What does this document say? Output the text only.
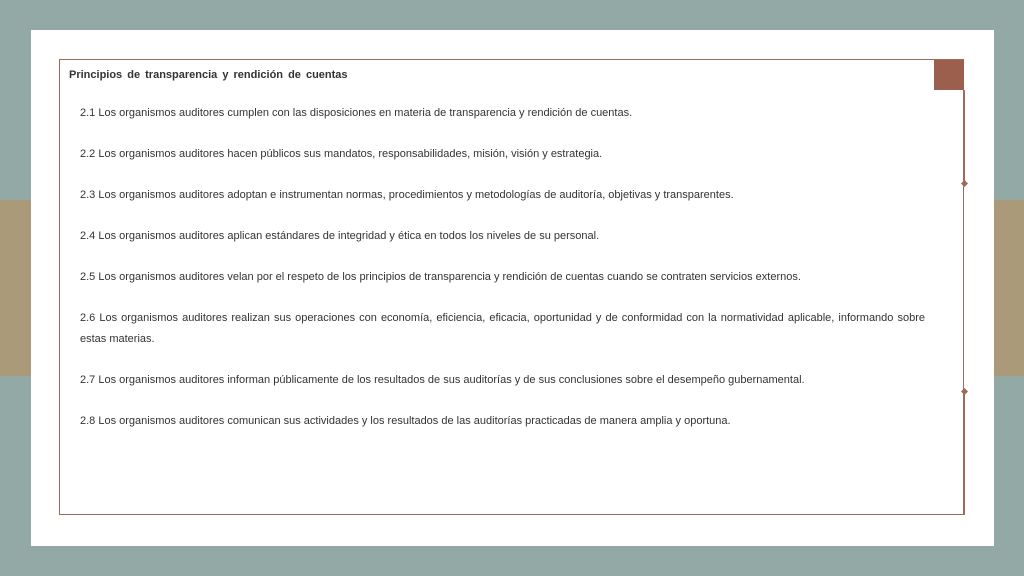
Principios de transparencia y rendición de cuentas

2.1 Los organismos auditores cumplen con las disposiciones en materia de transparencia y rendición de cuentas.

2.2 Los organismos auditores hacen públicos sus mandatos, responsabilidades, misión, visión y estrategia.

2.3 Los organismos auditores adoptan e instrumentan normas, procedimientos y metodologías de auditoría, objetivas y transparentes.

2.4 Los organismos auditores aplican estándares de integridad y ética en todos los niveles de su personal.

2.5 Los organismos auditores velan por el respeto de los principios de transparencia y rendición de cuentas cuando se contraten servicios externos.

2.6 Los organismos auditores realizan sus operaciones con economía, eficiencia, eficacia, oportunidad y de conformidad con la normatividad aplicable, informando sobre estas materias.

2.7 Los organismos auditores informan públicamente de los resultados de sus auditorías y de sus conclusiones sobre el desempeño gubernamental.

2.8 Los organismos auditores comunican sus actividades y los resultados de las auditorías practicadas de manera amplia y oportuna.
